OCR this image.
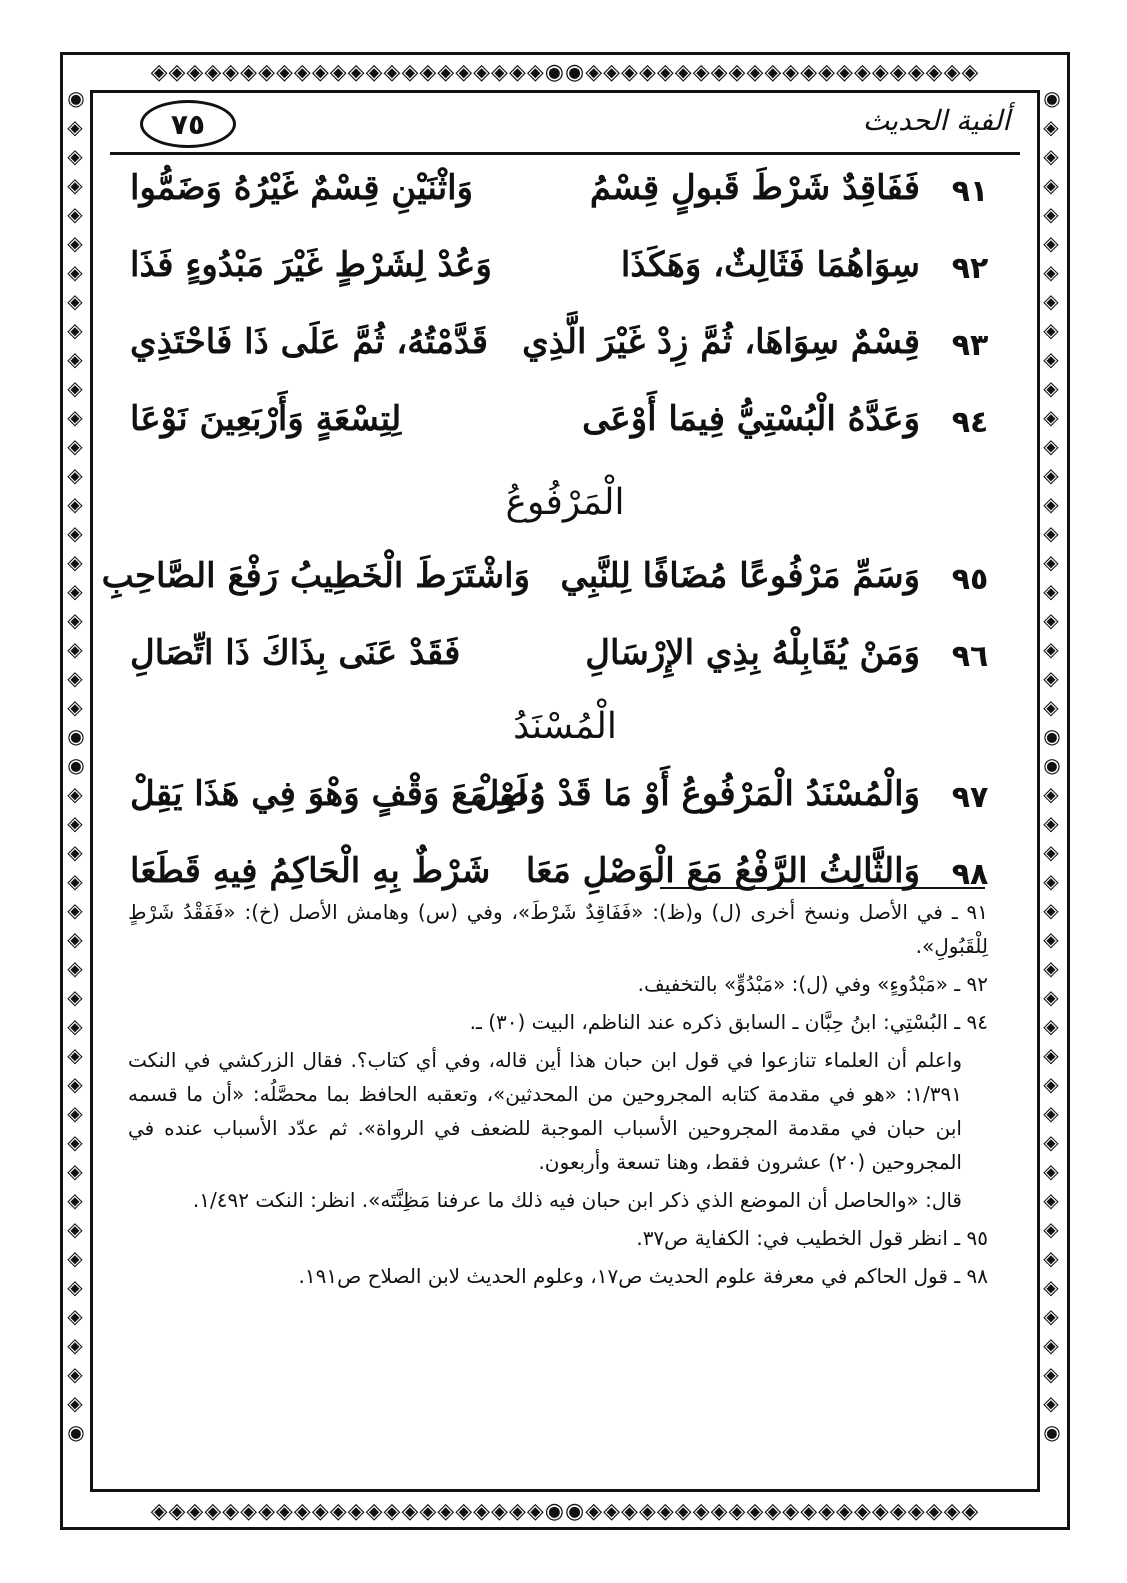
◈◈◈◈◈◈◈◈◈◈◈◈◈◈◈◈◈◈◈◈◈◈◉◉◈◈◈◈◈◈◈◈◈◈◈◈◈◈◈◈◈◈◈◈◈◈
◈◈◈◈◈◈◈◈◈◈◈◈◈◈◈◈◈◈◈◈◈◈◉◉◈◈◈◈◈◈◈◈◈◈◈◈◈◈◈◈◈◈◈◈◈◈
◉
◈
◈
◈
◈
◈
◈
◈
◈
◈
◈
◈
◈
◈
◈
◈
◈
◈
◈
◈
◈
◈
◉
◉
◈
◈
◈
◈
◈
◈
◈
◈
◈
◈
◈
◈
◈
◈
◈
◈
◈
◈
◈
◈
◈
◈
◉
◉
◈
◈
◈
◈
◈
◈
◈
◈
◈
◈
◈
◈
◈
◈
◈
◈
◈
◈
◈
◈
◈
◉
◉
◈
◈
◈
◈
◈
◈
◈
◈
◈
◈
◈
◈
◈
◈
◈
◈
◈
◈
◈
◈
◈
◈
◉
٧٥	ألفية الحديث
٩١
فَفَاقِدٌ شَرْطَ قَبولٍ قِسْمُ
وَاثْنَيْنِ قِسْمٌ غَيْرُهُ وَضَمُّوا
٩٢
سِوَاهُمَا فَثَالِثٌ، وَهَكَذَا
وَعُدْ لِشَرْطٍ غَيْرَ مَبْدُوءٍ فَذَا
٩٣
قِسْمٌ سِوَاهَا، ثُمَّ زِدْ غَيْرَ الَّذِي
قَدَّمْتُهُ، ثُمَّ عَلَى ذَا فَاحْتَذِي
٩٤
وَعَدَّهُ الْبُسْتِيُّ فِيمَا أَوْعَى
لِتِسْعَةٍ وَأَرْبَعِينَ نَوْعَا
الْمَرْفُوعُ
٩٥
وَسَمِّ مَرْفُوعًا مُضَافًا لِلنَّبِي
وَاشْتَرَطَ الْخَطِيبُ رَفْعَ الصَّاحِبِ
٩٦
وَمَنْ يُقَابِلْهُ بِذِي الإِرْسَالِ
فَقَدْ عَنَى بِذَاكَ ذَا اتِّصَالِ
الْمُسْنَدُ
٩٧
وَالْمُسْنَدُ الْمَرْفُوعُ أَوْ مَا قَدْ وُصِلْ
لَوْ مَعَ وَقْفٍ وَهْوَ فِي هَذَا يَقِلْ
٩٨
وَالثَّالِثُ الرَّفْعُ مَعَ الْوَصْلِ مَعَا
شَرْطٌ بِهِ الْحَاكِمُ فِيهِ قَطَعَا

٩١ ـ في الأصل ونسخ أخرى (ل) و(ظ): «فَفَاقِدٌ شَرْطَ»، وفي (س) وهامش الأصل (خ): «فَفَقْدُ شَرْطٍ لِلْقَبُولِ».

٩٢ ـ «مَبْدُوءٍ» وفي (ل): «مَبْدُوٍّ» بالتخفيف.

٩٤ ـ البُسْتِي: ابنُ حِبَّان ـ السابق ذكره عند الناظم، البيت (٣٠) ـ.

واعلم أن العلماء تنازعوا في قول ابن حبان هذا أين قاله، وفي أي كتاب؟. فقال الزركشي في النكت ١/٣٩١: «هو في مقدمة كتابه المجروحين من المحدثين»، وتعقبه الحافظ بما محصَّلُه: «أن ما قسمه ابن حبان في مقدمة المجروحين الأسباب الموجبة للضعف في الرواة». ثم عدّد الأسباب عنده في المجروحين (٢٠) عشرون فقط، وهنا تسعة وأربعون.

قال: «والحاصل أن الموضع الذي ذكر ابن حبان فيه ذلك ما عرفنا مَظِنَّتَه». انظر: النكت ١/٤٩٢.

٩٥ ـ انظر قول الخطيب في: الكفاية ص٣٧.

٩٨ ـ قول الحاكم في معرفة علوم الحديث ص١٧، وعلوم الحديث لابن الصلاح ص١٩١.
